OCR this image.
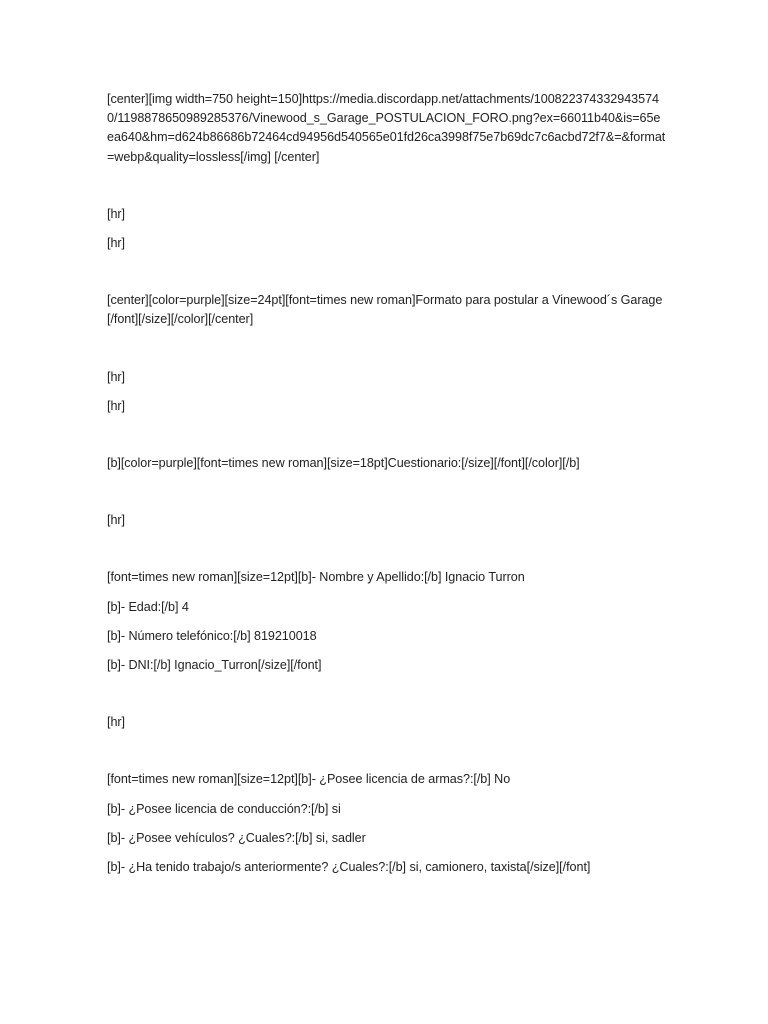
[center][img width=750 height=150]https://media.discordapp.net/attachments/1008223743329435740/1198878650989285376/Vinewood_s_Garage_POSTULACION_FORO.png?ex=66011b40&is=65eea640&hm=d624b86686b72464cd94956d540565e01fd26ca3998f75e7b69dc7c6acbd72f7&=&format=webp&quality=lossless[/img] [/center]

[hr]

[hr]

[center][color=purple][size=24pt][font=times new roman]Formato para postular a Vinewood´s Garage[/font][/size][/color][/center]

[hr]

[hr]

[b][color=purple][font=times new roman][size=18pt]Cuestionario:[/size][/font][/color][/b]

[hr]

[font=times new roman][size=12pt][b]- Nombre y Apellido:[/b] Ignacio Turron

[b]- Edad:[/b] 4

[b]- Número telefónico:[/b] 819210018

[b]- DNI:[/b] Ignacio_Turron[/size][/font]

[hr]

[font=times new roman][size=12pt][b]- ¿Posee licencia de armas?:[/b] No

[b]- ¿Posee licencia de conducción?:[/b] si

[b]- ¿Posee vehículos? ¿Cuales?:[/b] si, sadler

[b]- ¿Ha tenido trabajo/s anteriormente? ¿Cuales?:[/b] si, camionero, taxista[/size][/font]
